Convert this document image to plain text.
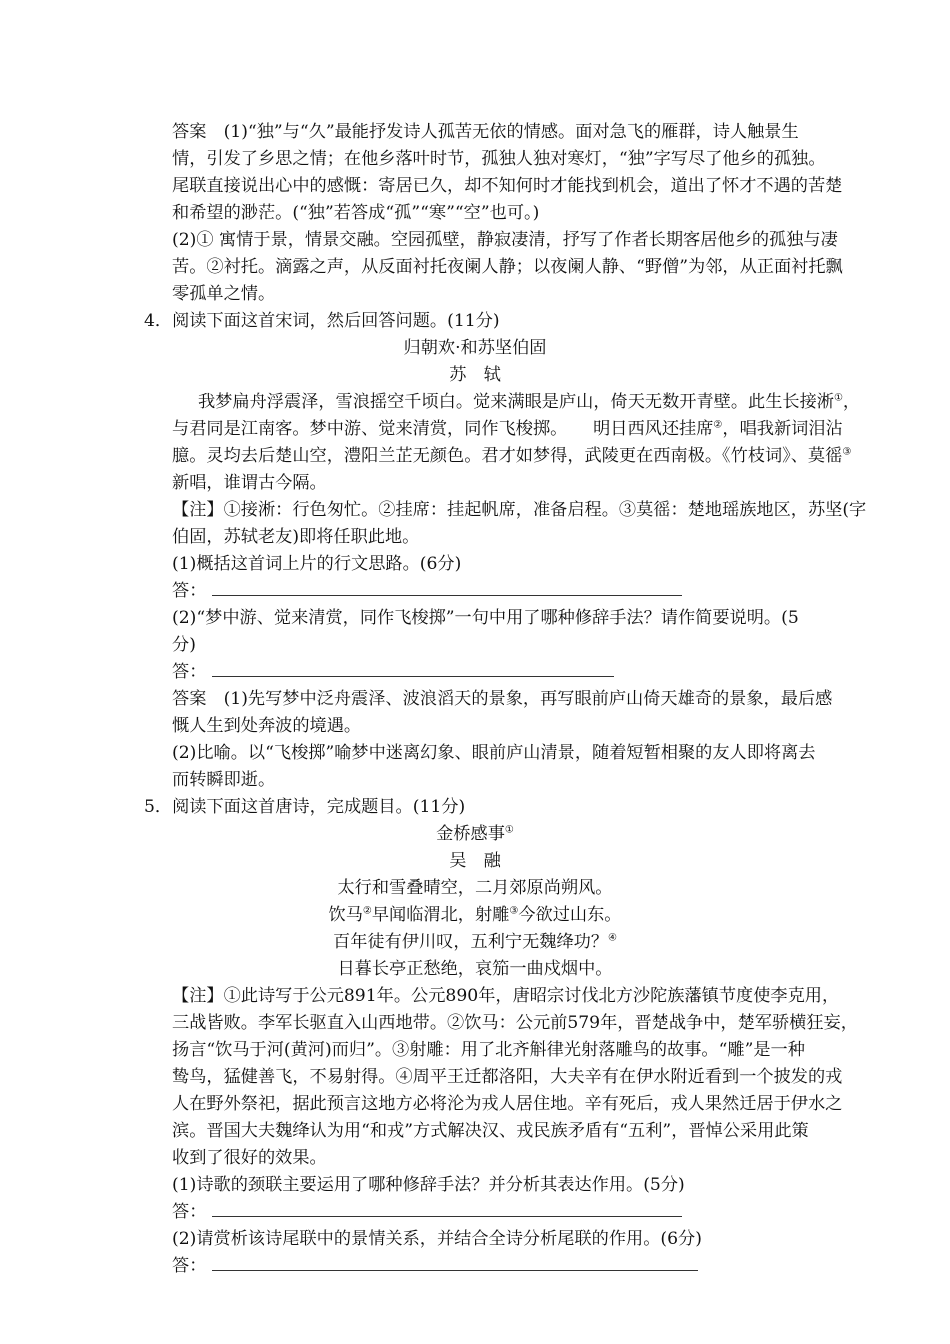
答案　(1)“独”与“久”最能抒发诗人孤苦无依的情感。面对急飞的雁群，诗人触景生
情，引发了乡思之情；在他乡落叶时节，孤独人独对寒灯，“独”字写尽了他乡的孤独。
尾联直接说出心中的感慨：寄居已久，却不知何时才能找到机会，道出了怀才不遇的苦楚
和希望的渺茫。(“独”若答成“孤”“寒”“空”也可。)
(2)① 寓情于景，情景交融。空园孤壁，静寂凄清，抒写了作者长期客居他乡的孤独与凄
苦。②衬托。滴露之声，从反面衬托夜阑人静；以夜阑人静、“野僧”为邻，从正面衬托飘
零孤单之情。
4．阅读下面这首宋词，然后回答问题。(11分)
归朝欢·和苏坚伯固
苏　轼
我梦扁舟浮震泽，雪浪摇空千顷白。觉来满眼是庐山，倚天无数开青壁。此生长接淅①，
与君同是江南客。梦中游、觉来清赏，同作飞梭掷。　　明日西风还挂席②，唱我新词泪沾
臆。灵均去后楚山空，澧阳兰芷无颜色。君才如梦得，武陵更在西南极。《竹枝词》、莫徭③
新唱，谁谓古今隔。
【注】①接淅：行色匆忙。②挂席：挂起帆席，准备启程。③莫徭：楚地瑶族地区，苏坚(字
伯固，苏轼老友)即将任职此地。
(1)概括这首词上片的行文思路。(6分)
答：
(2)“梦中游、觉来清赏，同作飞梭掷”一句中用了哪种修辞手法？请作简要说明。(5
分)
答：
答案　(1)先写梦中泛舟震泽、波浪滔天的景象，再写眼前庐山倚天雄奇的景象，最后感
慨人生到处奔波的境遇。
(2)比喻。以“飞梭掷”喻梦中迷离幻象、眼前庐山清景，随着短暂相聚的友人即将离去
而转瞬即逝。
5．阅读下面这首唐诗，完成题目。(11分)
金桥感事①
吴　融
太行和雪叠晴空，二月郊原尚朔风。
饮马②早闻临渭北，射雕③今欲过山东。
百年徒有伊川叹，五利宁无魏绛功？④
日暮长亭正愁绝，哀笳一曲戍烟中。
【注】①此诗写于公元891年。公元890年，唐昭宗讨伐北方沙陀族藩镇节度使李克用，
三战皆败。李军长驱直入山西地带。②饮马：公元前579年，晋楚战争中，楚军骄横狂妄，
扬言“饮马于河(黄河)而归”。③射雕：用了北齐斛律光射落雕鸟的故事。“雕”是一种
鸷鸟，猛健善飞，不易射得。④周平王迁都洛阳，大夫辛有在伊水附近看到一个披发的戎
人在野外祭祀，据此预言这地方必将沦为戎人居住地。辛有死后，戎人果然迁居于伊水之
滨。晋国大夫魏绛认为用“和戎”方式解决汉、戎民族矛盾有“五利”，晋悼公采用此策
收到了很好的效果。
(1)诗歌的颈联主要运用了哪种修辞手法？并分析其表达作用。(5分)
答：
(2)请赏析该诗尾联中的景情关系，并结合全诗分析尾联的作用。(6分)
答：
